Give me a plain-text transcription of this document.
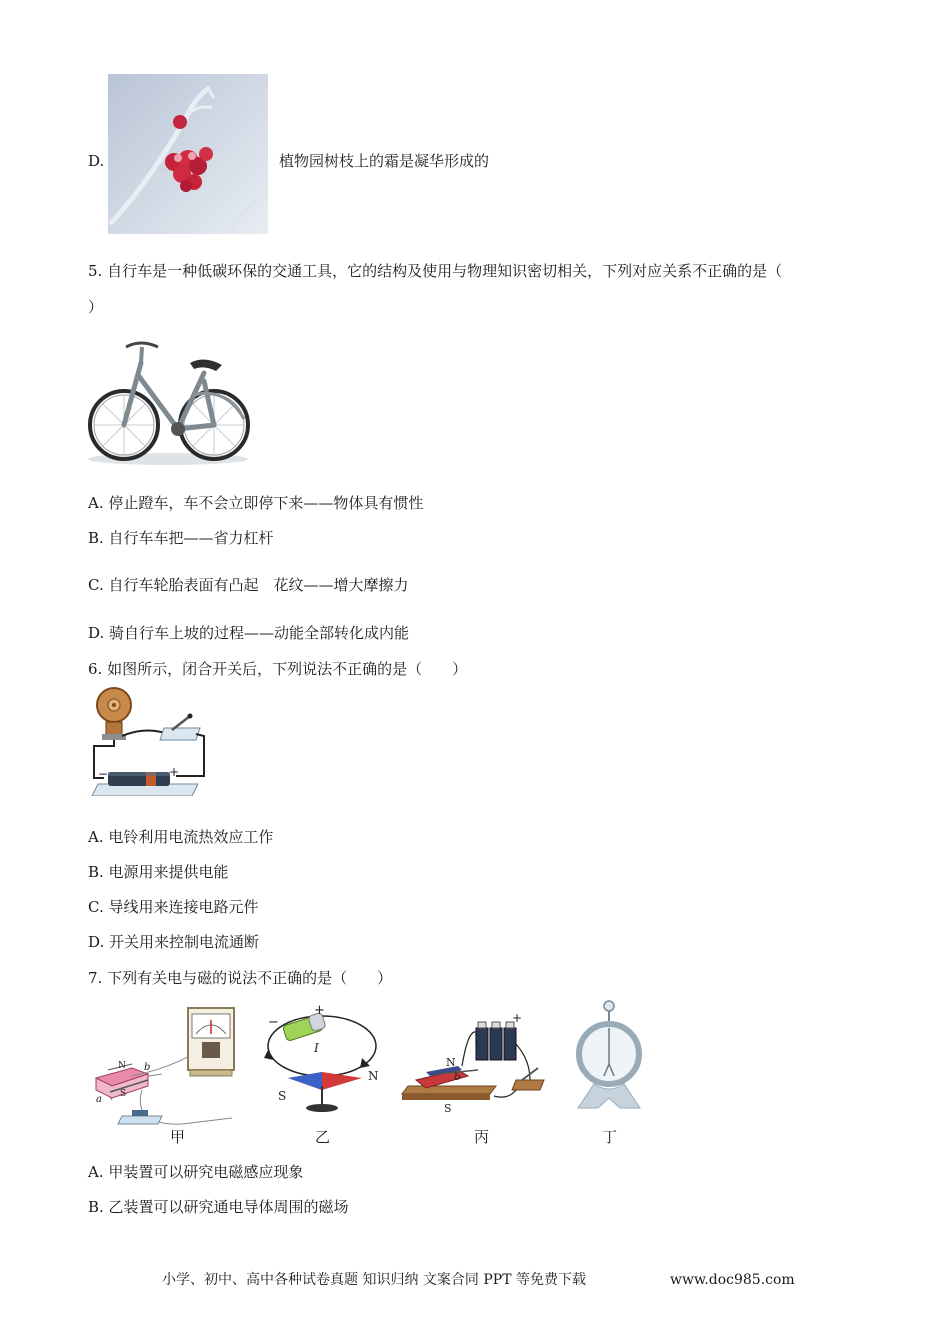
D.	植物园树枝上的霜是凝华形成的
5. 自行车是一种低碳环保的交通工具，它的结构及使用与物理知识密切相关，下列对应关系不正确的是（
）
A. 停止蹬车，车不会立即停下来——物体具有惯性
B. 自行车车把——省力杠杆
C. 自行车轮胎表面有凸起　花纹——增大摩擦力
D. 骑自行车上坡的过程——动能全部转化成内能
6. 如图所示，闭合开关后，下列说法不正确的是（　　）
−	+
A. 电铃利用电流热效应工作
B. 电源用来提供电能
C. 导线用来连接电路元件
D. 开关用来控制电流通断
7. 下列有关电与磁的说法不正确的是（　　）
N
S
a
b
+
−
I
S
N
N
S
b
+
甲	乙	丙	丁
A. 甲装置可以研究电磁感应现象
B. 乙装置可以研究通电导体周围的磁场
小学、初中、高中各种试卷真题 知识归纳 文案合同 PPT 等免费下载	www.doc985.com
